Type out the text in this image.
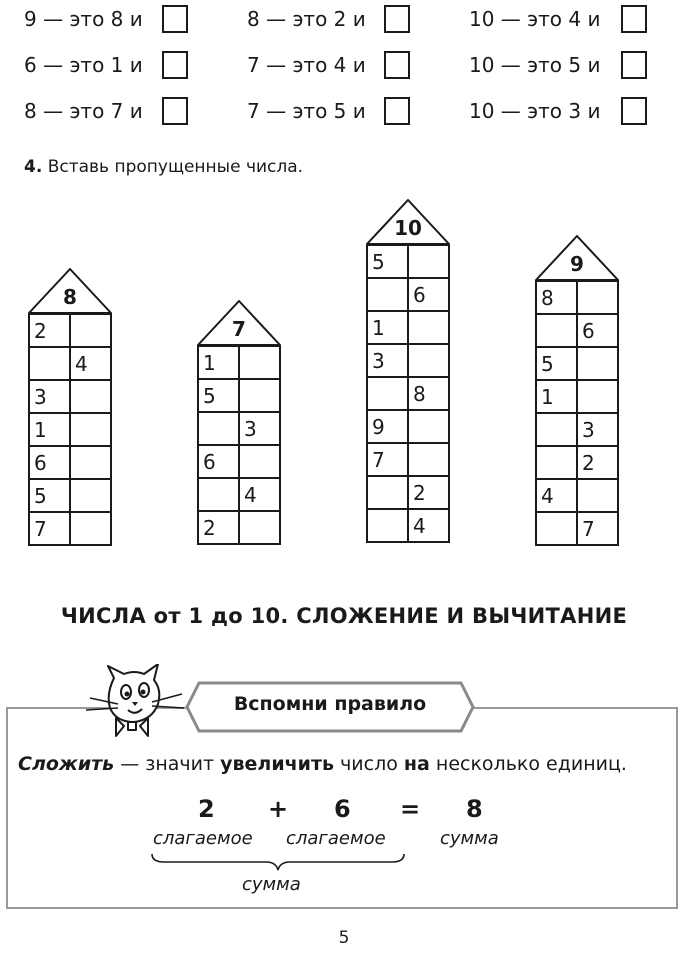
9 — это 8 и	8 — это 2 и	10 — это 4 и
6 — это 1 и	7 — это 4 и	10 — это 5 и
8 — это 7 и	7 — это 5 и	10 — это 3 и
4. Вставь пропущенные числа.
8
2	
	4
3	
1	
6	
5	
7	
7
1	
5	
	3
6	
	4
2	
10
5	
	6
1	
3	
	8
9	
7	
	2
	4
9
8	
	6
5	
1	
	3
	2
4	
	7
ЧИСЛА от 1 до 10. СЛОЖЕНИЕ И ВЫЧИТАНИЕ
Вспомни правило
Сложить — значит увеличить число на несколько единиц.
2 + 6 = 8
слагаемое слагаемое	сумма
сумма
5
